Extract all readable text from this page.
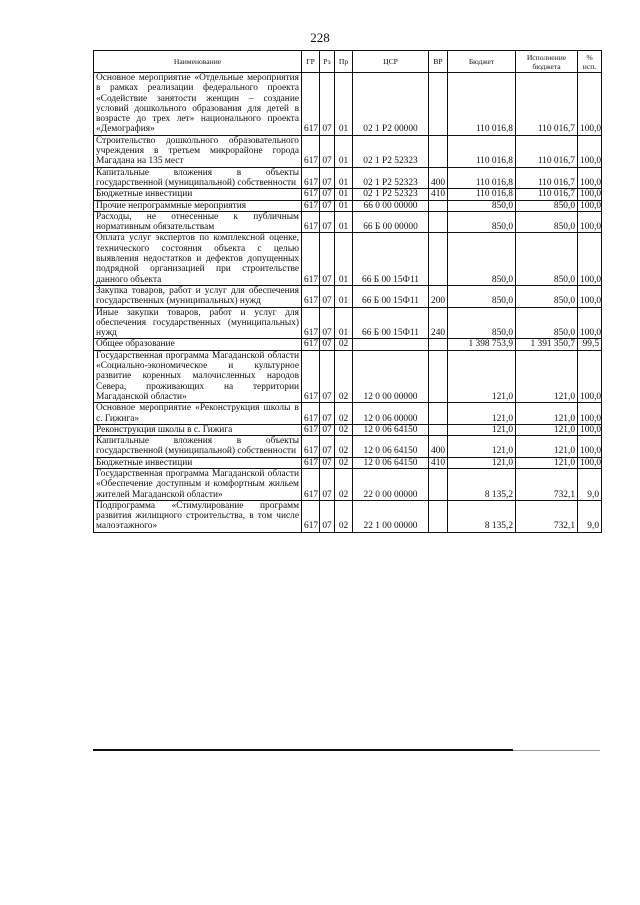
228
Наименование	ГР	Рз	Пр	ЦСР	ВР	Бюджет	Исполнение бюджета	% исп.
Основное мероприятие «Отдельные мероприятия в рамках реализации федерального проекта «Содействие занятости женщин – создание условий дошкольного образования для детей в возрасте до трех лет» национального проекта «Демография»	617	07	01	02 1 P2 00000		110 016,8	110 016,7	100,0
Строительство дошкольного образовательного учреждения в третьем микрорайоне города Магадана на 135 мест	617	07	01	02 1 P2 52323		110 016,8	110 016,7	100,0
Капитальные вложения в объекты государственной (муниципальной) собственности	617	07	01	02 1 P2 52323	400	110 016,8	110 016,7	100,0
Бюджетные инвестиции	617	07	01	02 1 P2 52323	410	110 016,8	110 016,7	100,0
Прочие непрограммные мероприятия	617	07	01	66 0 00 00000		850,0	850,0	100,0
Расходы, не отнесенные к публичным нормативным обязательствам	617	07	01	66 Б 00 00000		850,0	850,0	100,0
Оплата услуг экспертов по комплексной оценке, технического состояния объекта с целью выявления недостатков и дефектов допущенных подрядной организацией при строительстве данного объекта	617	07	01	66 Б 00 15Ф11		850,0	850,0	100,0
Закупка товаров, работ и услуг для обеспечения государственных (муниципальных) нужд	617	07	01	66 Б 00 15Ф11	200	850,0	850,0	100,0
Иные закупки товаров, работ и услуг для обеспечения государственных (муниципальных) нужд	617	07	01	66 Б 00 15Ф11	240	850,0	850,0	100,0
Общее образование	617	07	02			1 398 753,9	1 391 350,7	99,5
Государственная программа Магаданской области «Социально-экономическое и культурное развитие коренных малочисленных народов Севера, проживающих на территории Магаданской области»	617	07	02	12 0 00 00000		121,0	121,0	100,0
Основное мероприятие «Реконструкция школы в с. Гижига»	617	07	02	12 0 06 00000		121,0	121,0	100,0
Реконструкция школы в с. Гижига	617	07	02	12 0 06 64150		121,0	121,0	100,0
Капитальные вложения в объекты государственной (муниципальной) собственности	617	07	02	12 0 06 64150	400	121,0	121,0	100,0
Бюджетные инвестиции	617	07	02	12 0 06 64150	410	121,0	121,0	100,0
Государственная программа Магаданской области «Обеспечение доступным и комфортным жильем жителей Магаданской области»	617	07	02	22 0 00 00000		8 135,2	732,1	9,0
Подпрограмма «Стимулирование программ развития жилищного строительства, в том числе малоэтажного»	617	07	02	22 1 00 00000		8 135,2	732,1	9,0
